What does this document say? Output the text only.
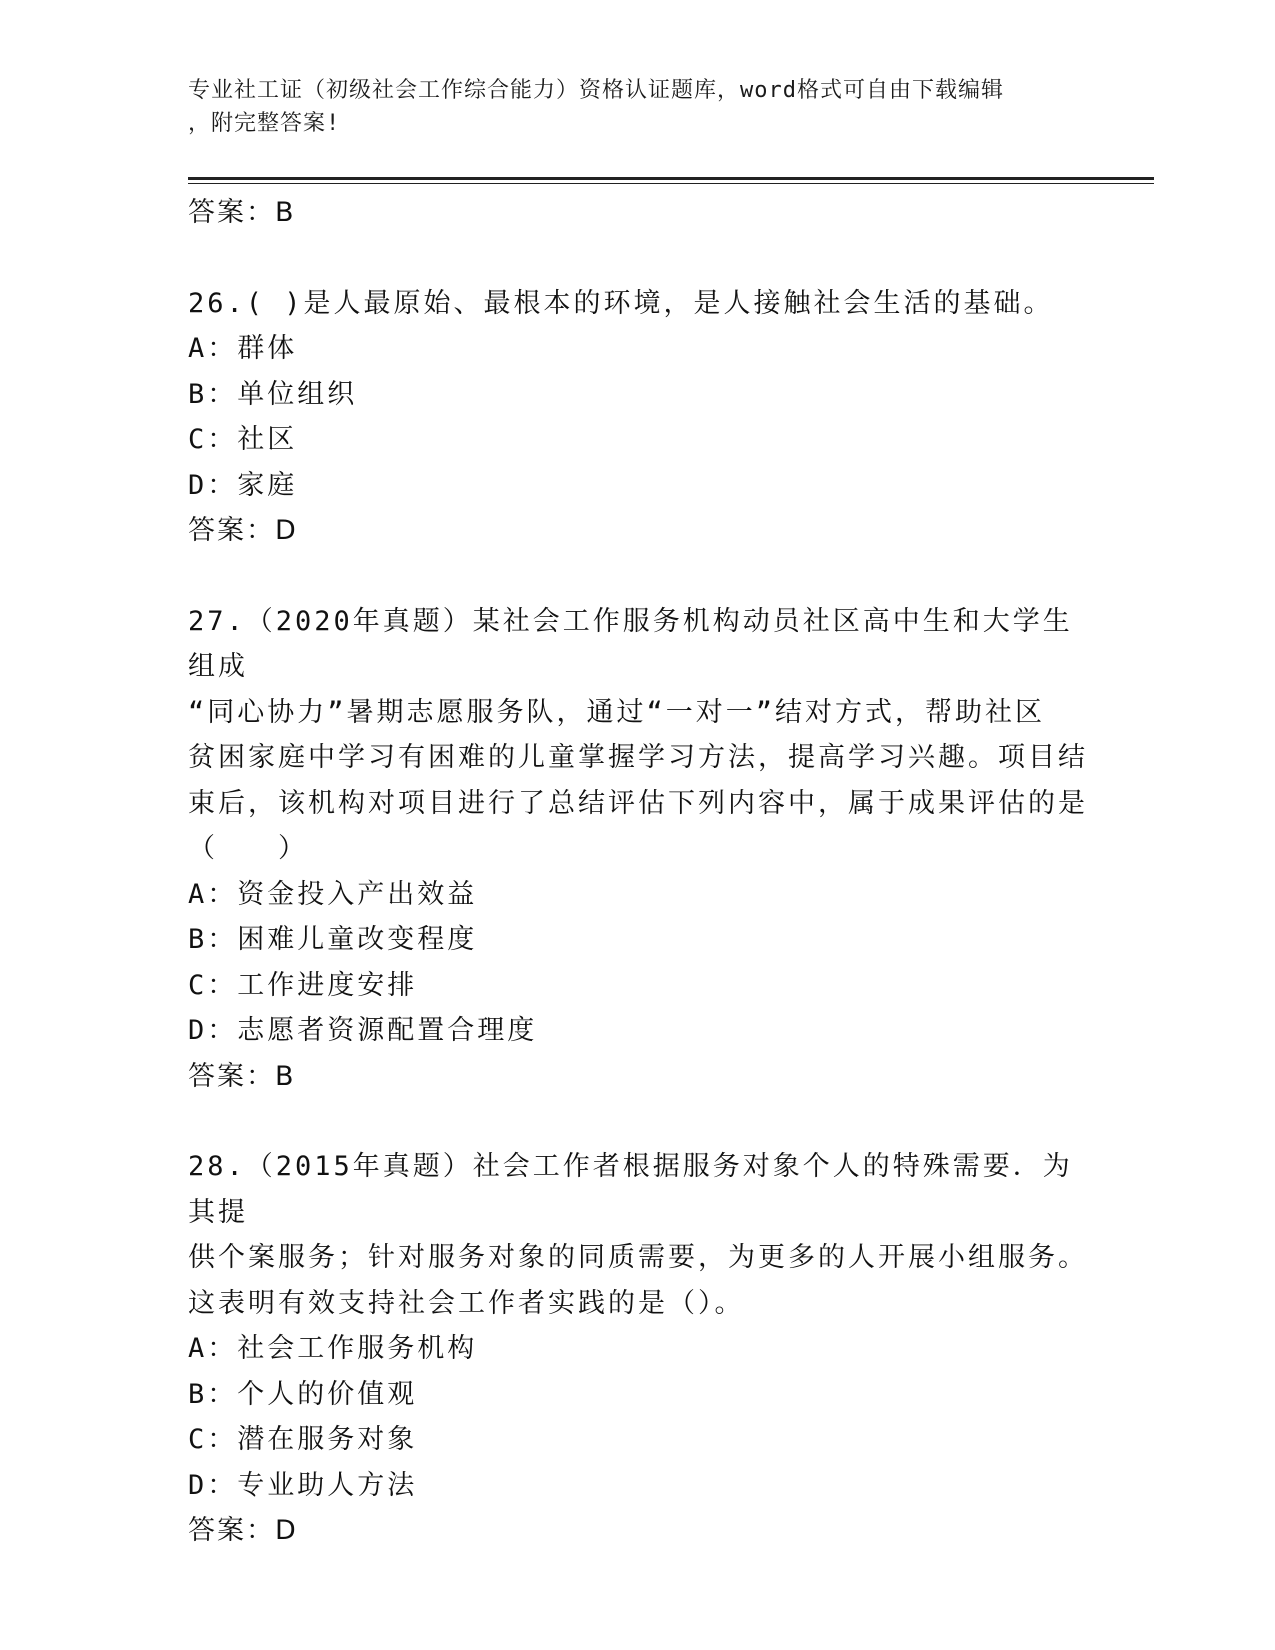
专业社工证（初级社会工作综合能力）资格认证题库，word格式可自由下载编辑
，附完整答案!

答案：B

26.( )是人最原始、最根本的环境，是人接触社会生活的基础。

A：群体

B：单位组织

C：社区

D：家庭

答案：D

27.（2020年真题）某社会工作服务机构动员社区高中生和大学生组成

“同心协力”暑期志愿服务队，通过“一对一”结对方式，帮助社区

贫困家庭中学习有困难的儿童掌握学习方法，提高学习兴趣。项目结

束后，该机构对项目进行了总结评估下列内容中，属于成果评估的是

（　　）

A：资金投入产出效益

B：困难儿童改变程度

C：工作进度安排

D：志愿者资源配置合理度

答案：B

28.（2015年真题）社会工作者根据服务对象个人的特殊需要．为其提

供个案服务；针对服务对象的同质需要，为更多的人开展小组服务。

这表明有效支持社会工作者实践的是（）。

A：社会工作服务机构

B：个人的价值观

C：潜在服务对象

D：专业助人方法

答案：D
